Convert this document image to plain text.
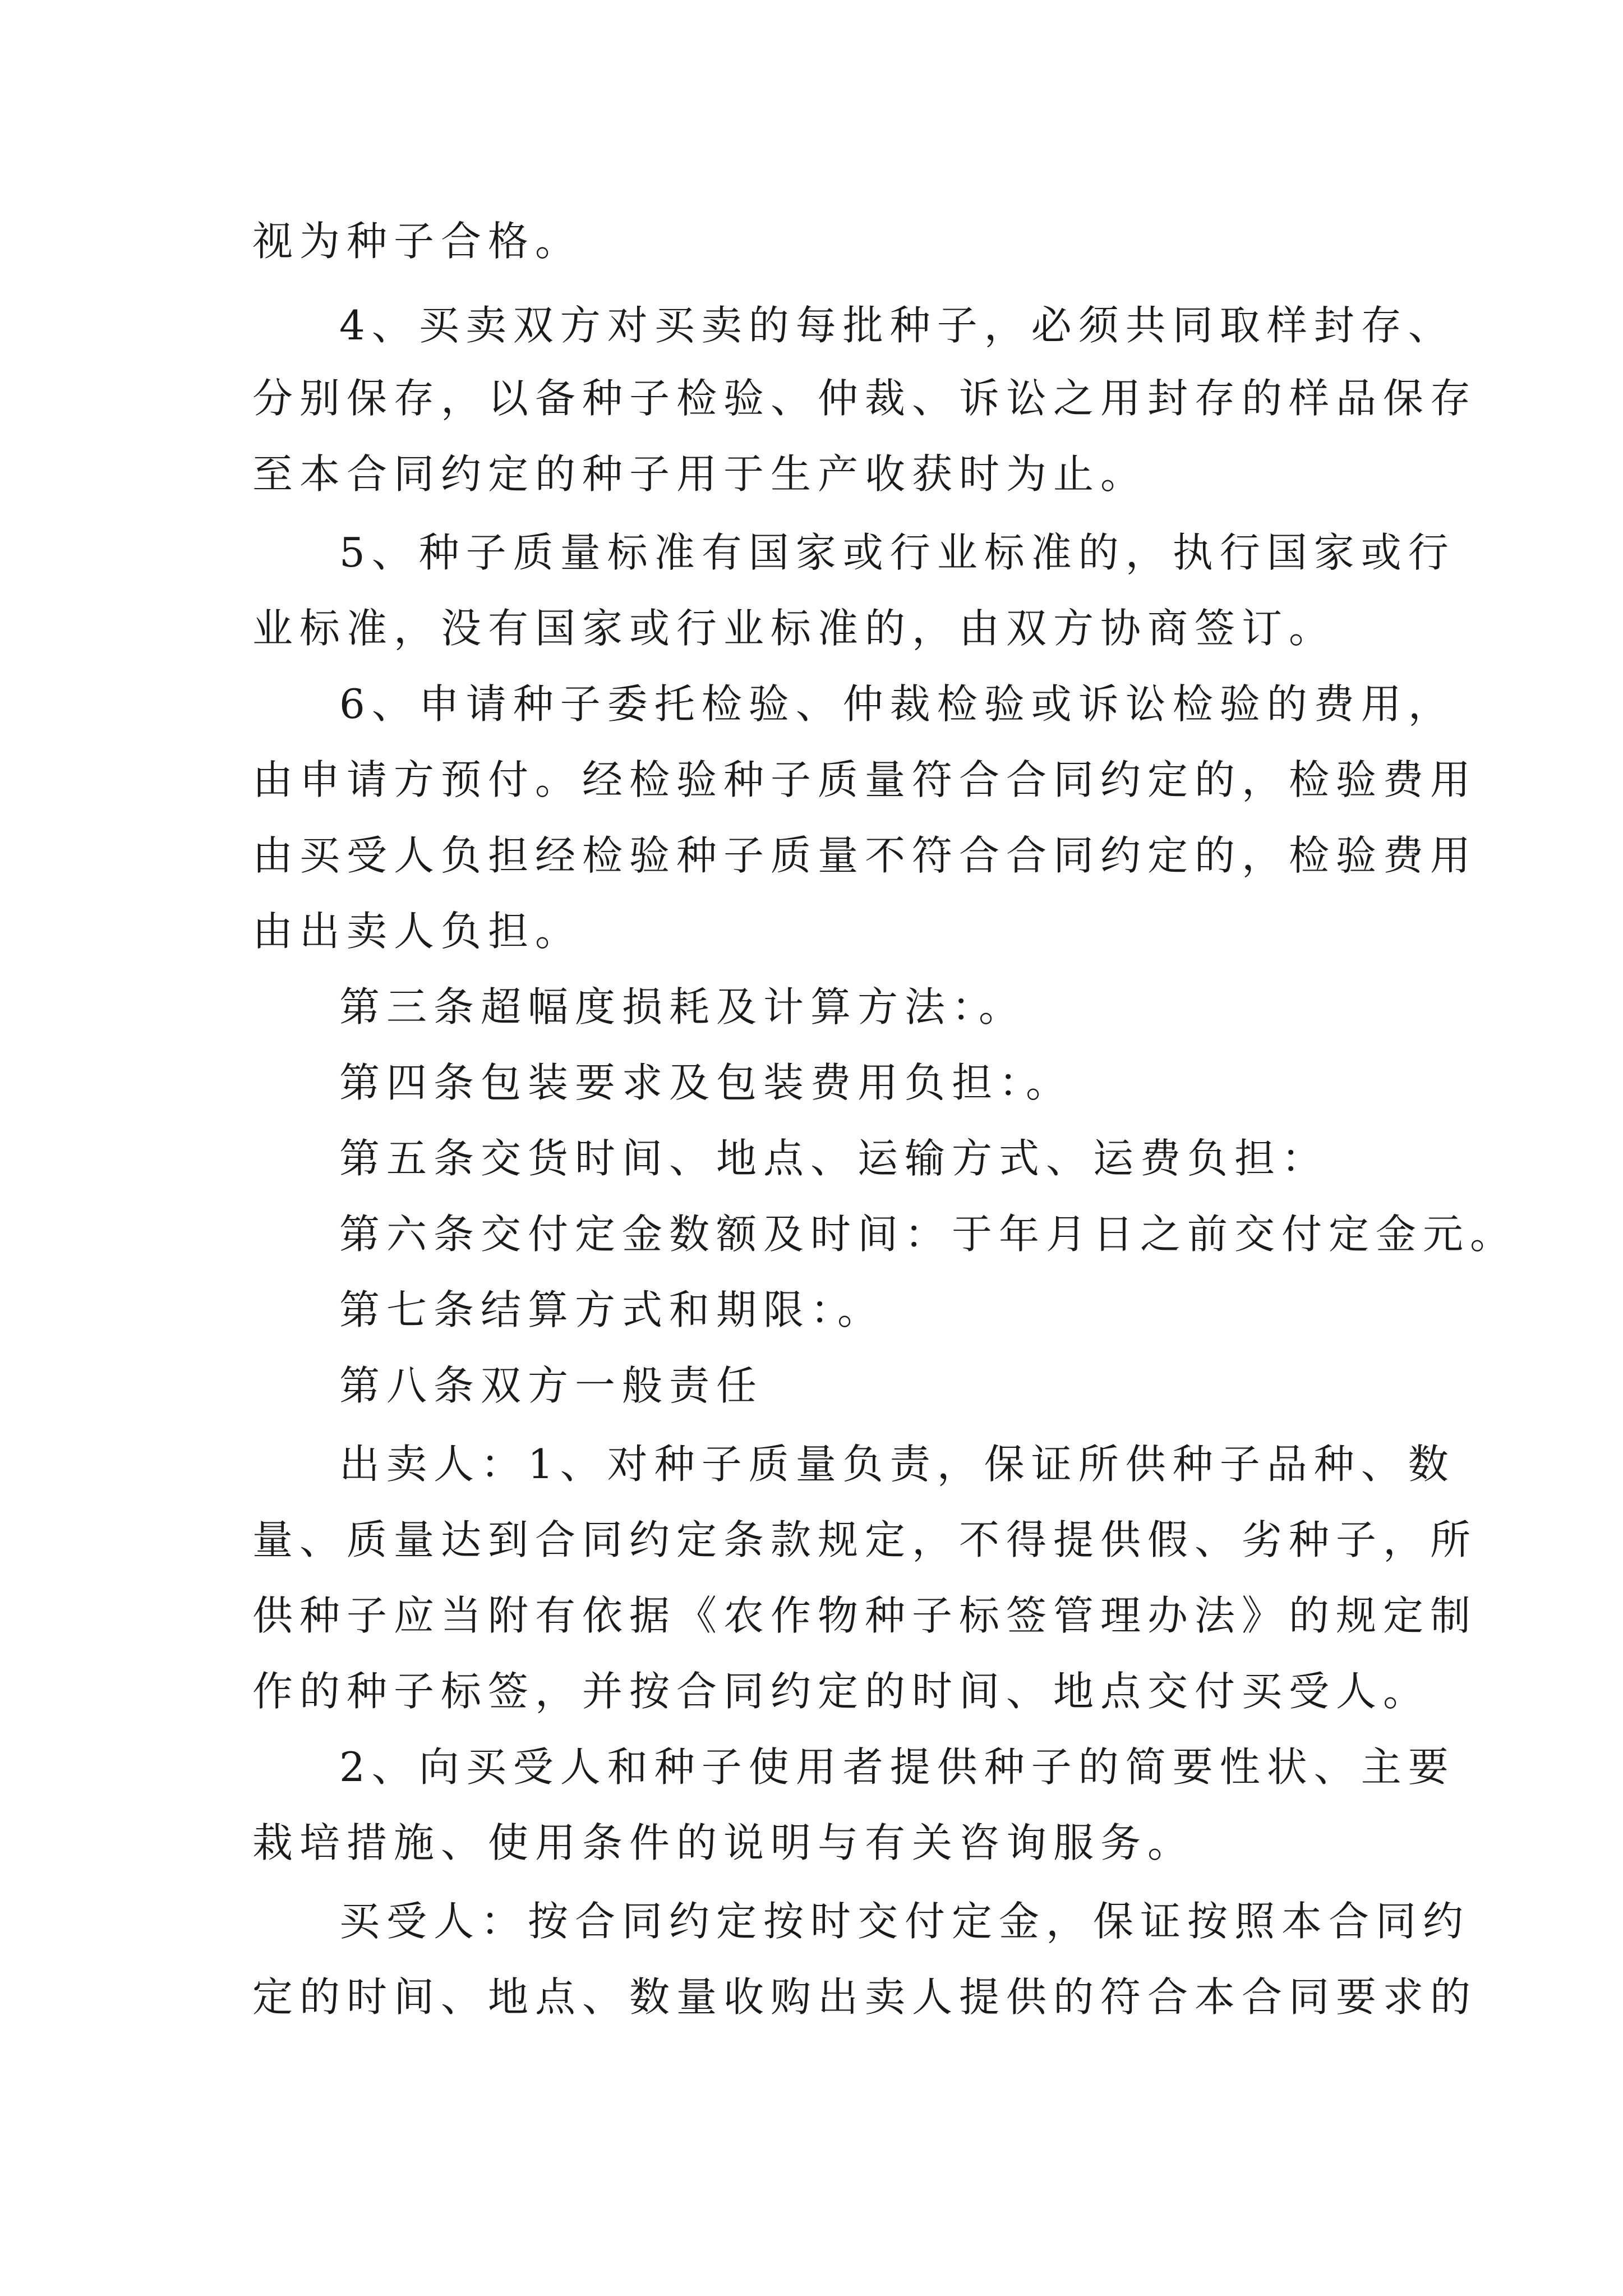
视为种子合格。
4、买卖双方对买卖的每批种子，必须共同取样封存、
分别保存，以备种子检验、仲裁、诉讼之用封存的样品保存
至本合同约定的种子用于生产收获时为止。
5、种子质量标准有国家或行业标准的，执行国家或行
业标准，没有国家或行业标准的，由双方协商签订。
6、申请种子委托检验、仲裁检验或诉讼检验的费用，
由申请方预付。经检验种子质量符合合同约定的，检验费用
由买受人负担经检验种子质量不符合合同约定的，检验费用
由出卖人负担。
第三条超幅度损耗及计算方法：。
第四条包装要求及包装费用负担：。
第五条交货时间、地点、运输方式、运费负担：
第六条交付定金数额及时间：于年月日之前交付定金元。
第七条结算方式和期限：。
第八条双方一般责任
出卖人：1、对种子质量负责，保证所供种子品种、数
量、质量达到合同约定条款规定，不得提供假、劣种子，所
供种子应当附有依据《农作物种子标签管理办法》的规定制
作的种子标签，并按合同约定的时间、地点交付买受人。
2、向买受人和种子使用者提供种子的简要性状、主要
栽培措施、使用条件的说明与有关咨询服务。
买受人：按合同约定按时交付定金，保证按照本合同约
定的时间、地点、数量收购出卖人提供的符合本合同要求的
